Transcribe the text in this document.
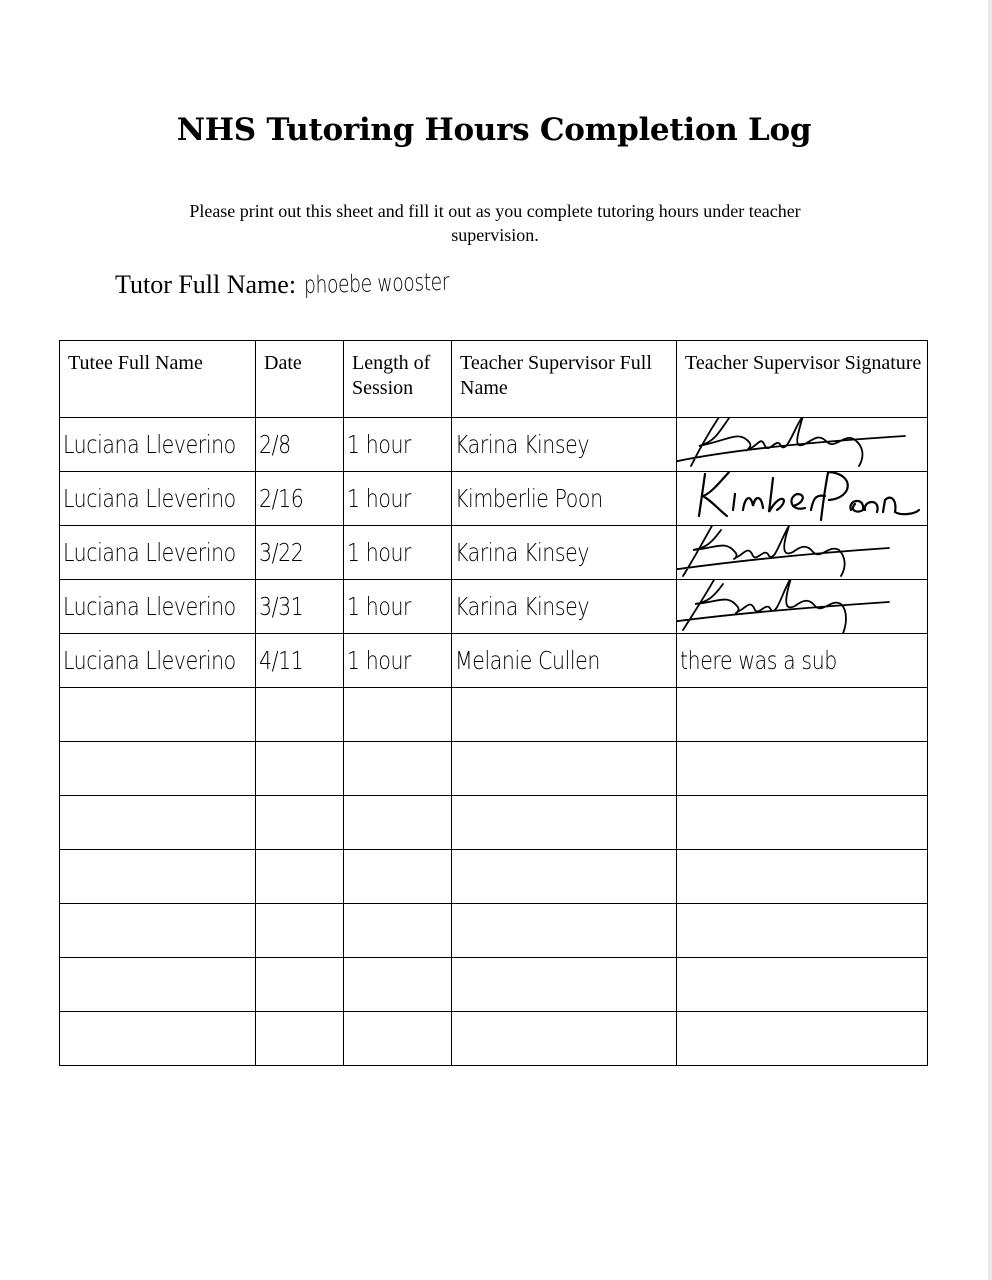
NHS Tutoring Hours Completion Log
Please print out this sheet and fill it out as you complete tutoring hours under teacher supervision.
Tutor Full Name: phoebe wooster
Tutee Full Name	Date	Length of Session	Teacher Supervisor Full Name	Teacher Supervisor Signature
Luciana Lleverino	2/8	1 hour	Karina Kinsey	

Luciana Lleverino	2/16	1 hour	Kimberlie Poon	

Luciana Lleverino	3/22	1 hour	Karina Kinsey	

Luciana Lleverino	3/31	1 hour	Karina Kinsey	

Luciana Lleverino	4/11	1 hour	Melanie Cullen	there was a sub
